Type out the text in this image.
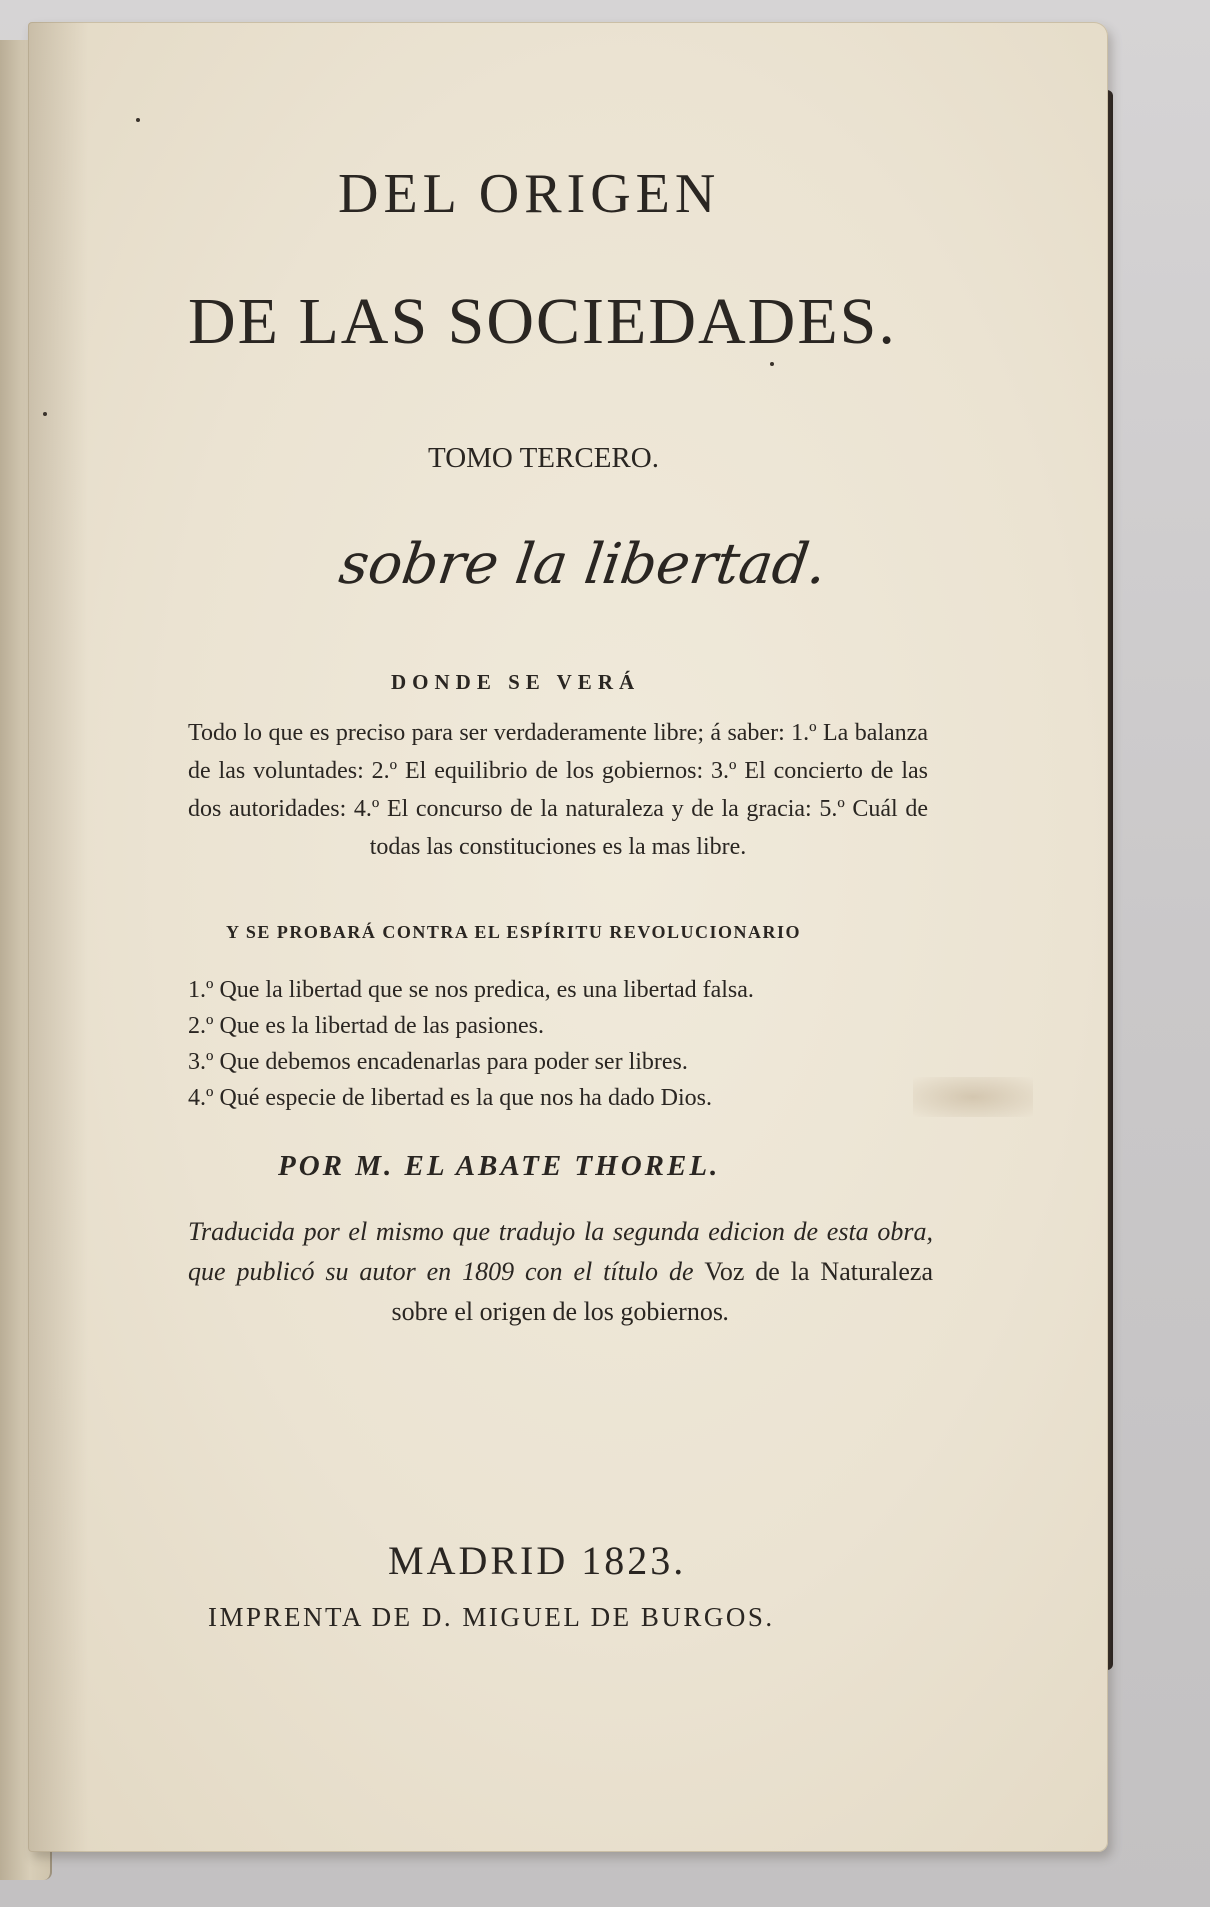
DEL ORIGEN
DE LAS SOCIEDADES.
TOMO TERCERO.
sobre la libertad.
DONDE SE VERÁ
Todo lo que es preciso para ser verdaderamente libre; á saber: 1.º La balanza de las voluntades: 2.º El equilibrio de los gobiernos: 3.º El concierto de las dos autoridades: 4.º El concurso de la naturaleza y de la gracia: 5.º Cuál de todas las constituciones es la mas libre.
Y SE PROBARÁ CONTRA EL ESPÍRITU REVOLUCIONARIO
1.º Que la libertad que se nos predica, es una libertad falsa.
2.º Que es la libertad de las pasiones.
3.º Que debemos encadenarlas para poder ser libres.
4.º Qué especie de libertad es la que nos ha dado Dios.
POR M. EL ABATE THOREL.
Traducida por el mismo que tradujo la segunda edicion de esta obra, que publicó su autor en 1809 con el título de Voz de la Naturaleza sobre el origen de los gobiernos.
MADRID 1823.
IMPRENTA DE D. MIGUEL DE BURGOS.
